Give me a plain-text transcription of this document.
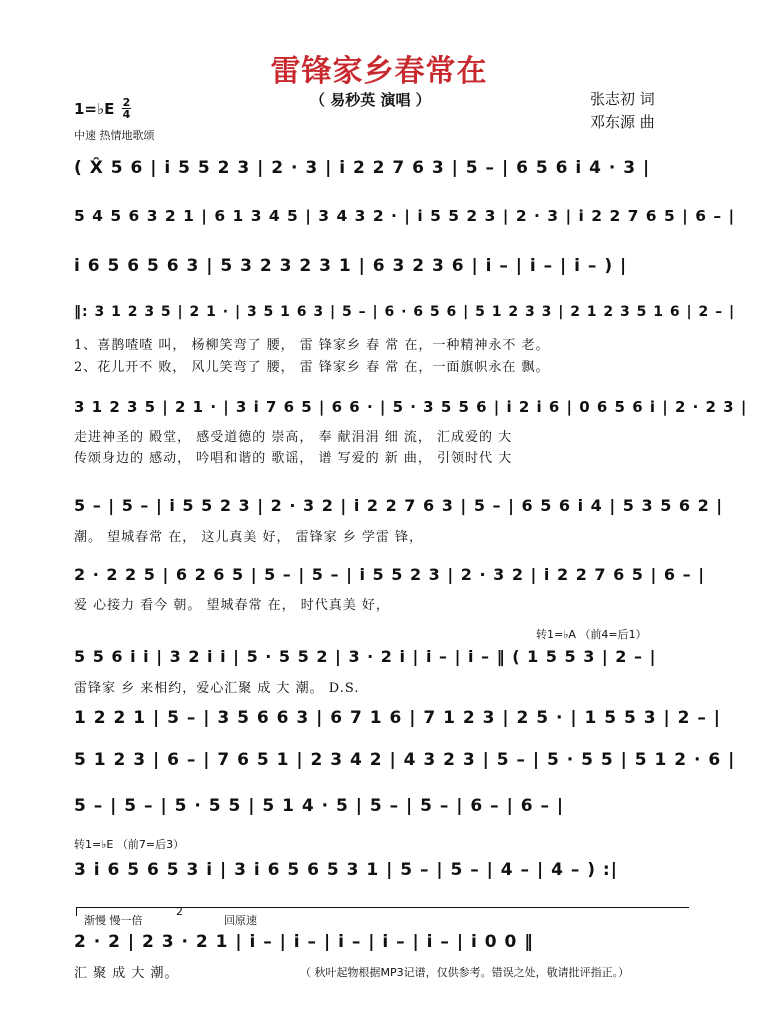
雷锋家乡春常在
（ 易秒英 演唱 ）	张志初 词
邓东源 曲
1=♭E 2
4
中速 热情地歌颂
( X̂ 5 6 | i 5 5 2 3 | 2 · 3 | i 2 2 7 6 3 | 5 – | 6 5 6 i 4 · 3 |
5 4 5 6 3 2 1 | 6 1 3 4 5 | 3 4 3 2 · | i 5 5 2 3 | 2 · 3 | i 2 2 7 6 5 | 6 – |
i 6 5 6 5 6 3 | 5 3 2 3 2 3 1 | 6 3 2 3 6 | i – | i – | i – ) |
‖: 3 1 2 3 5 | 2 1 · | 3 5 1 6 3 | 5 – | 6 · 6 5 6 | 5 1 2 3 3 | 2 1 2 3 5 1 6 | 2 – |
1、喜鹊喳喳 叫， 杨柳笑弯了 腰， 雷 锋家乡 春 常 在，一种精神永不 老。
2、花儿开不 败， 风儿笑弯了 腰， 雷 锋家乡 春 常 在，一面旗帜永在 飘。
3 1 2 3 5 | 2 1 · | 3 i 7 6 5 | 6 6 · | 5 · 3 5 5 6 | i 2 i 6 | 0 6 5 6 i | 2 · 2 3 |
走进神圣的 殿堂， 感受道德的 崇高， 奉 献涓涓 细 流， 汇成爱的 大
传颂身边的 感动， 吟唱和谐的 歌谣， 谱 写爱的 新 曲， 引领时代 大
5 – | 5 – | i 5 5 2 3 | 2 · 3 2 | i 2 2 7 6 3 | 5 – | 6 5 6 i 4 | 5 3 5 6 2 |
潮。 望城春常 在， 这儿真美 好， 雷锋家 乡 学雷 锋，
2 · 2 2 5 | 6 2 6 5 | 5 – | 5 – | i 5 5 2 3 | 2 · 3 2 | i 2 2 7 6 5 | 6 – |
爱 心接力 看今 朝。 望城春常 在， 时代真美 好，
转1=♭A （前4=后1）
5 5 6 i i | 3 2 i i | 5 · 5 5 2 | 3 · 2 i | i – | i – ‖ ( 1 5 5 3 | 2 – |
雷锋家 乡 来相约，爱心汇聚 成 大 潮。 D.S.
1 2 2 1 | 5 – | 3 5 6 6 3 | 6 7 1 6 | 7 1 2 3 | 2 5 · | 1 5 5 3 | 2 – |
5 1 2 3 | 6 – | 7 6 5 1 | 2 3 4 2 | 4 3 2 3 | 5 – | 5 · 5 5 | 5 1 2 · 6 |
5 – | 5 – | 5 · 5 5 | 5 1 4 · 5 | 5 – | 5 – | 6 – | 6 – |
转1=♭E （前7=后3）
3 i 6 5 6 5 3 i | 3 i 6 5 6 5 3 1 | 5 – | 5 – | 4 – | 4 – ) :|
渐慢 慢一倍
2
回原速
2 · 2 | 2 3 · 2 1 | i – | i – | i – | i – | i – | i 0 0 ‖
汇 聚 成 大 潮。	（ 秋叶起物根据MP3记谱，仅供参考。错误之处，敬请批评指正。）
